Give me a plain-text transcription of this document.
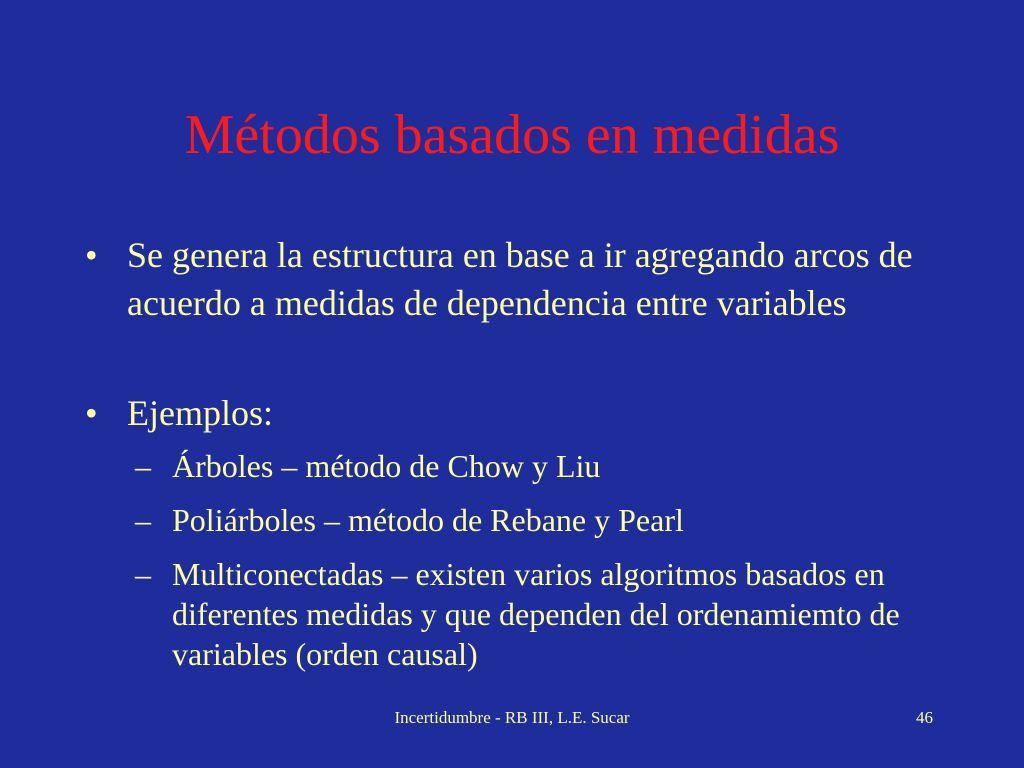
Métodos basados en medidas
• Se genera la estructura en base a ir agregando arcos de acuerdo a medidas de dependencia entre variables
• Ejemplos:
– Árboles – método de Chow y Liu
– Poliárboles – método de Rebane y Pearl
– Multiconectadas – existen varios algoritmos basados en diferentes medidas y que dependen del ordenamiemto de variables (orden causal)
Incertidumbre - RB III, L.E. Sucar	46
